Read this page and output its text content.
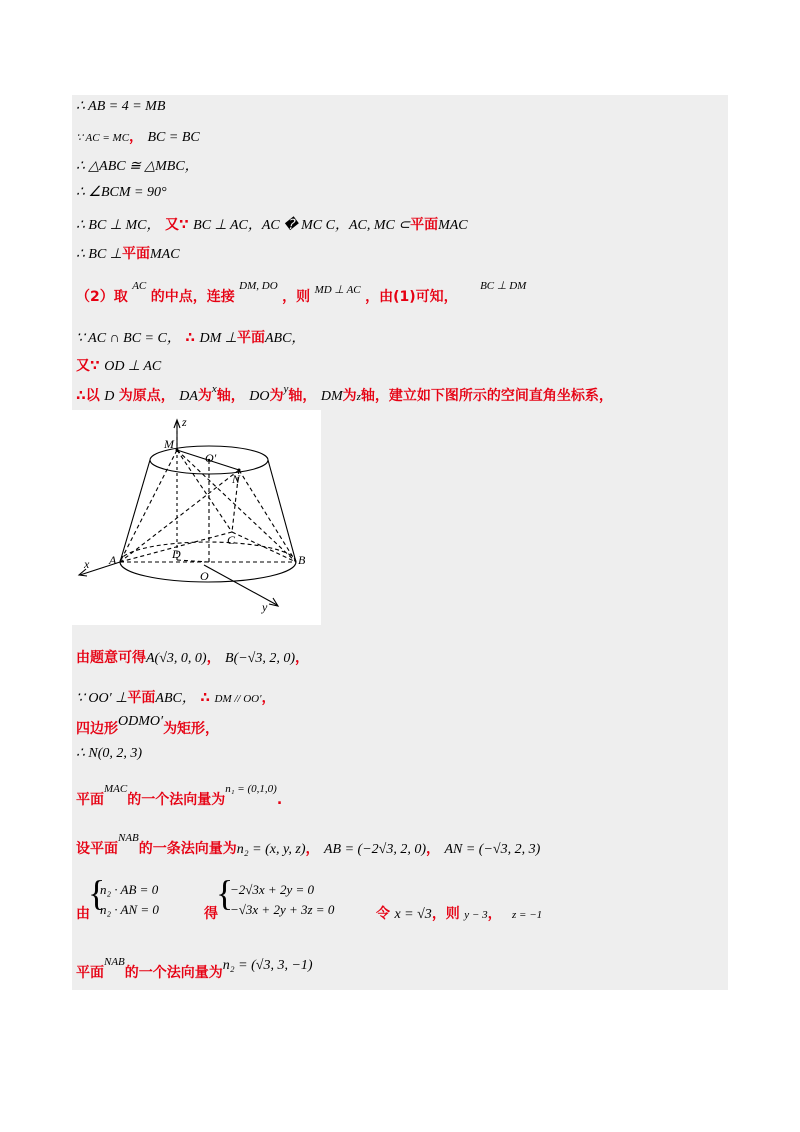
∴ AB = 4 = MB
∵ AC = MC， BC = BC
∴ △ABC ≅ △MBC，
∴ ∠BCM = 90°
∴ BC ⊥ MC， 又∵ BC ⊥ AC，AC � MC C，AC, MC ⊂平面MAC
∴ BC ⊥平面MAC
（2）取 $^{AC}$ 的中点，连接 $^{DM, DO}$ ，则 $^{MD \perp AC}$ ，由(1)可知， $^{BC \perp DM}$
∵ AC ∩ BC = C， ∴ DM ⊥平面ABC，
又∵ OD ⊥ AC
∴以 D 为原点， DA为$^x$轴， DO为$^y$轴， DM为z轴，建立如下图所示的空间直角坐标系，
z
M
O′
N
D
C
A	B
O
x
y
由题意可得A(√3, 0, 0)， B(−√3, 2, 0)，
∵ OO′ ⊥平面ABC， ∴ DM // OO′，
四边形ODMO′为矩形，
∴ N(0, 2, 3)
平面$^{MAC}$的一个法向量为$^{n_1 = (0,1,0)}$.
设平面$^{NAB}$的一条法向量为n₂ = (x, y, z)， AB = (−2√3, 2, 0)， AN = (−√3, 2, 3)
由
{
n₂ · AB = 0
n₂ · AN = 0	得
{
−2√3x + 2y = 0
−√3x + 2y + 3z = 0	令 x = √3，则 y − 3， z = −1
平面$^{NAB}$的一个法向量为n₂ = (√3, 3, −1)
